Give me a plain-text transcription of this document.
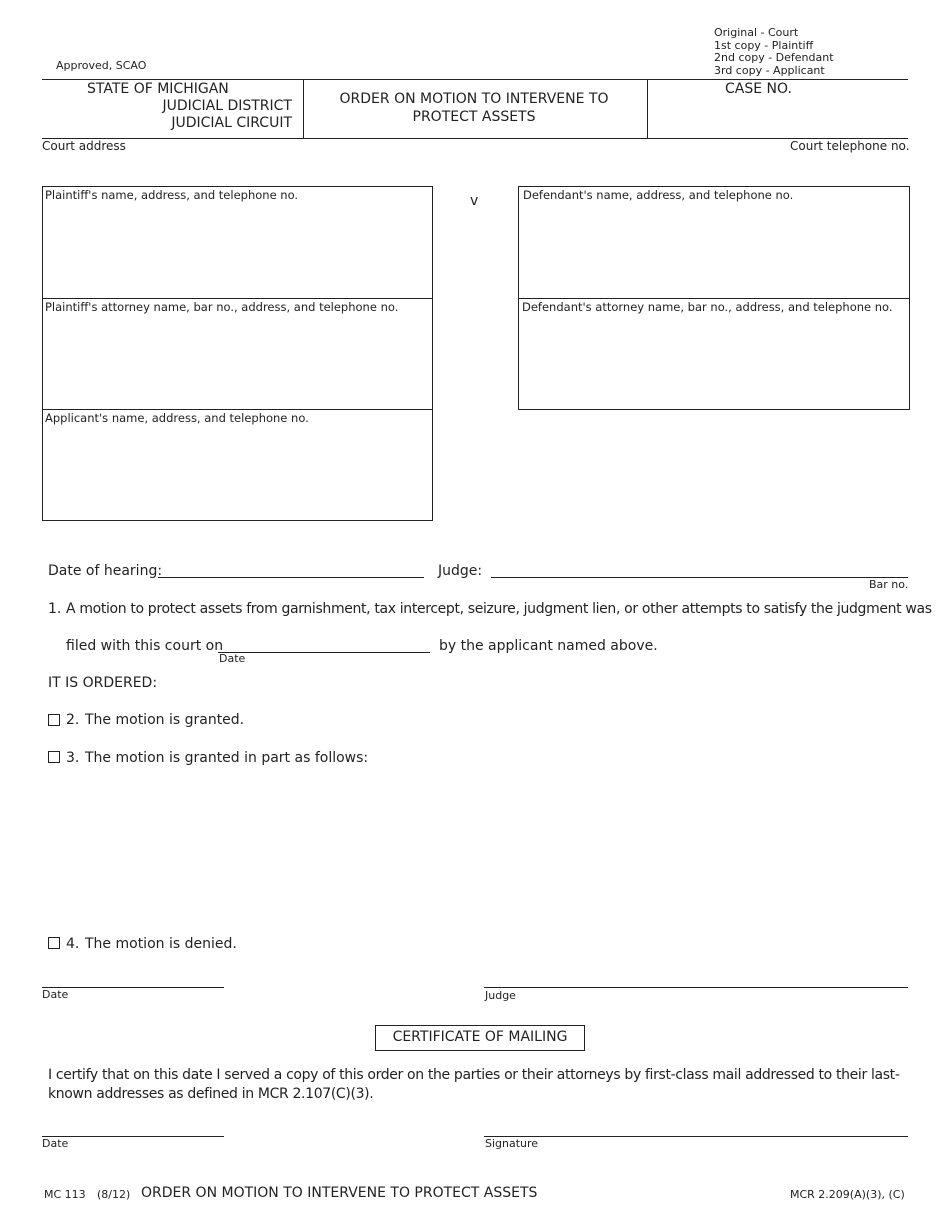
Original - Court
1st copy - Plaintiff
2nd copy - Defendant
3rd copy - Applicant
Approved, SCAO
STATE OF MICHIGAN
JUDICIAL DISTRICT
JUDICIAL CIRCUIT
ORDER ON MOTION TO INTERVENE TO PROTECT ASSETS
CASE NO.
Court address	Court telephone no.
Plaintiff's name, address, and telephone no.
Plaintiff's attorney name, bar no., address, and telephone no.
Applicant's name, address, and telephone no.
v	Defendant's name, address, and telephone no.
Defendant's attorney name, bar no., address, and telephone no.
Date of hearing:	Judge:
Bar no.
1. A motion to protect assets from garnishment, tax intercept, seizure, judgment lien, or other attempts to satisfy the judgment was
filed with this court on
Date
by the applicant named above.
IT IS ORDERED:
2. The motion is granted.
3. The motion is granted in part as follows:
4. The motion is denied.
Date	Judge
CERTIFICATE OF MAILING
I certify that on this date I served a copy of this order on the parties or their attorneys by first-class mail addressed to their last-known addresses as defined in MCR 2.107(C)(3).
Date	Signature
MC 113 (8/12) ORDER ON MOTION TO INTERVENE TO PROTECT ASSETS	MCR 2.209(A)(3), (C)
